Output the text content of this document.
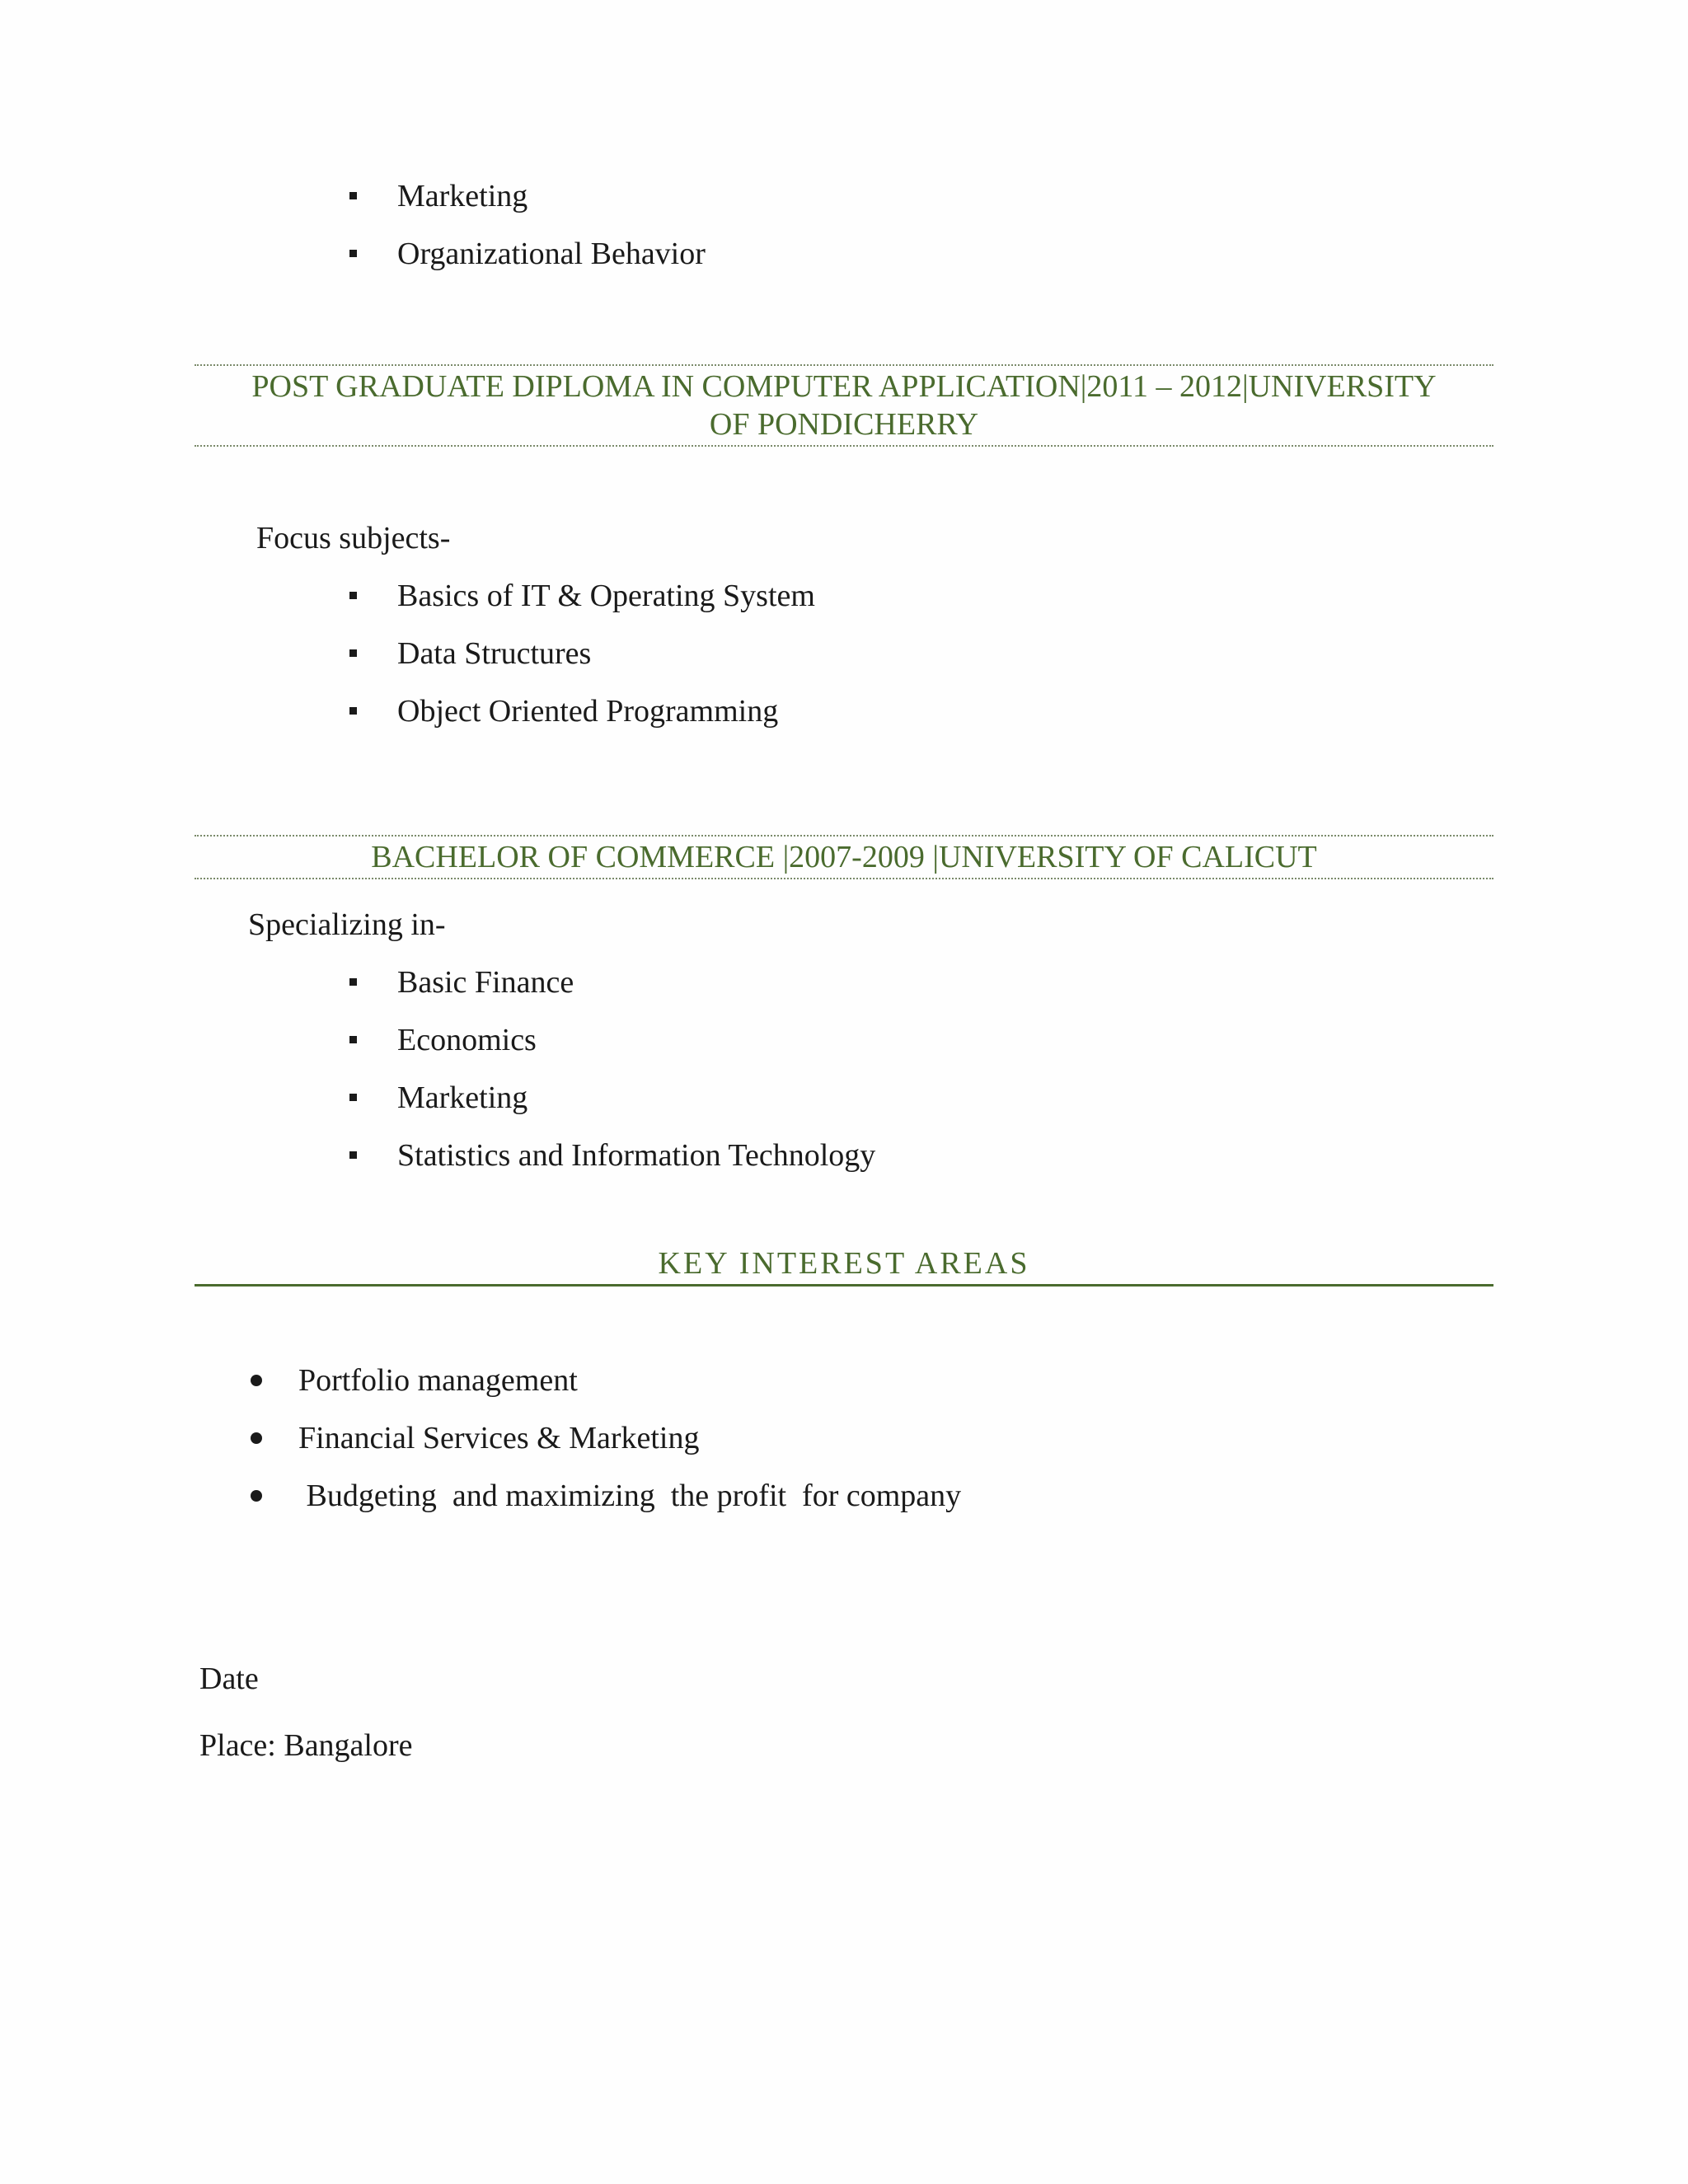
Marketing
Organizational Behavior
POST GRADUATE DIPLOMA IN COMPUTER APPLICATION|2011 – 2012|UNIVERSITY
OF PONDICHERRY
Focus subjects-
Basics of IT & Operating System
Data Structures
Object Oriented Programming
BACHELOR OF COMMERCE |2007-2009 |UNIVERSITY OF CALICUT
Specializing in-
Basic Finance
Economics
Marketing
Statistics and Information Technology
KEY INTEREST AREAS
Portfolio management
Financial Services & Marketing
Budgeting  and maximizing  the profit  for company
Date
Place: Bangalore
